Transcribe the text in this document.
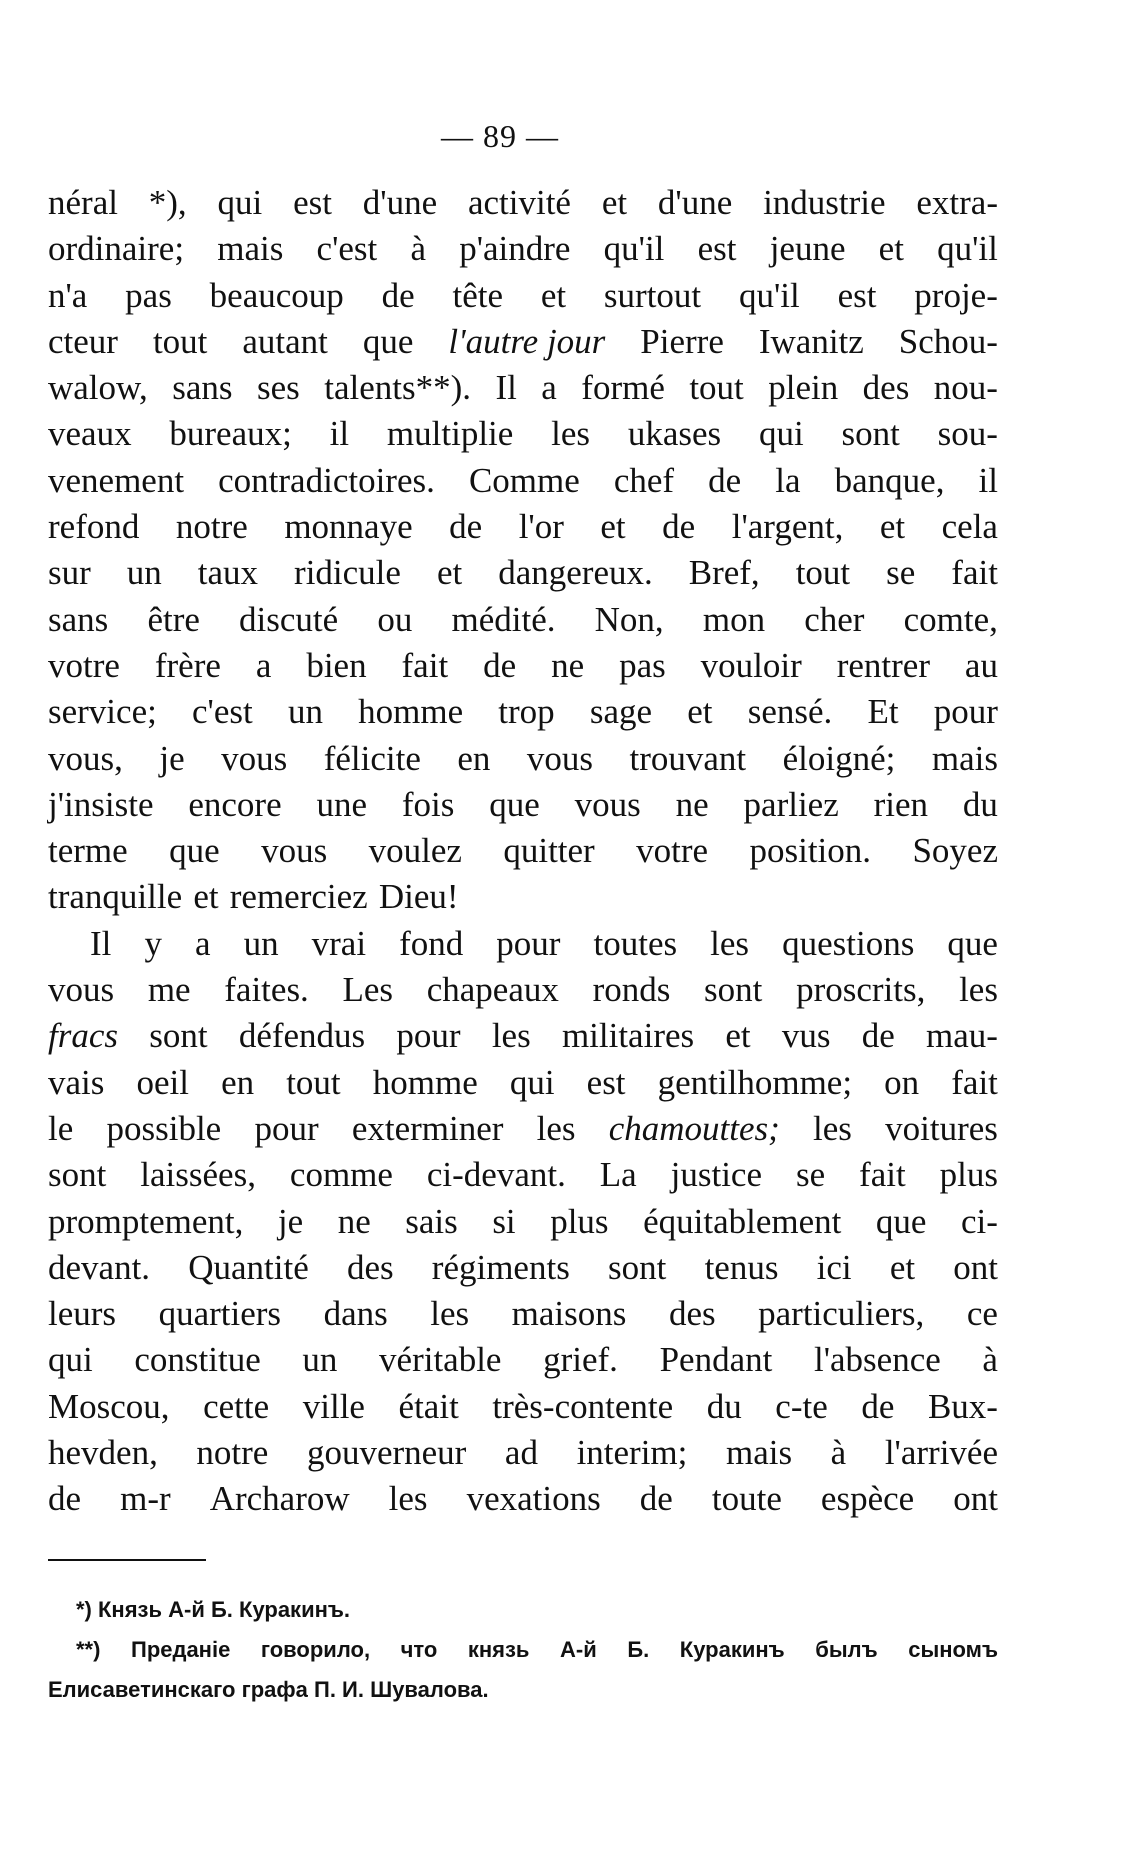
— 89 —
néral *), qui est d'une activité et d'une industrie extra-
ordinaire; mais c'est à p'aindre qu'il est jeune et qu'il
n'a pas beaucoup de tête et surtout qu'il est proje-
cteur tout autant que l'autre jour Pierre Iwanitz Schou-
walow, sans ses talents**). Il a formé tout plein des nou-
veaux bureaux; il multiplie les ukases qui sont sou-
venement contradictoires. Comme chef de la banque, il
refond notre monnaye de l'or et de l'argent, et cela
sur un taux ridicule et dangereux. Bref, tout se fait
sans être discuté ou médité. Non, mon cher comte,
votre frère a bien fait de ne pas vouloir rentrer au
service; c'est un homme trop sage et sensé. Et pour
vous, je vous félicite en vous trouvant éloigné; mais
j'insiste encore une fois que vous ne parliez rien du
terme que vous voulez quitter votre position. Soyez
tranquille et remerciez Dieu!
Il y a un vrai fond pour toutes les questions que
vous me faites. Les chapeaux ronds sont proscrits, les
fracs sont défendus pour les militaires et vus de mau-
vais oeil en tout homme qui est gentilhomme; on fait
le possible pour exterminer les chamouttes; les voitures
sont laissées, comme ci-devant. La justice se fait plus
promptement, je ne sais si plus équitablement que ci-
devant. Quantité des régiments sont tenus ici et ont
leurs quartiers dans les maisons des particuliers, ce
qui constitue un véritable grief. Pendant l'absence à
Moscou, cette ville était très-contente du c-te de Bux-
hevden, notre gouverneur ad interim; mais à l'arrivée
de m-r Archarow les vexations de toute espèce ont
*) Князь А-й Б. Куракинъ.
**) Преданіе говорило, что князь А-й Б. Куракинъ былъ сыномъ
Елисаветинскаго графа П. И. Шувалова.
